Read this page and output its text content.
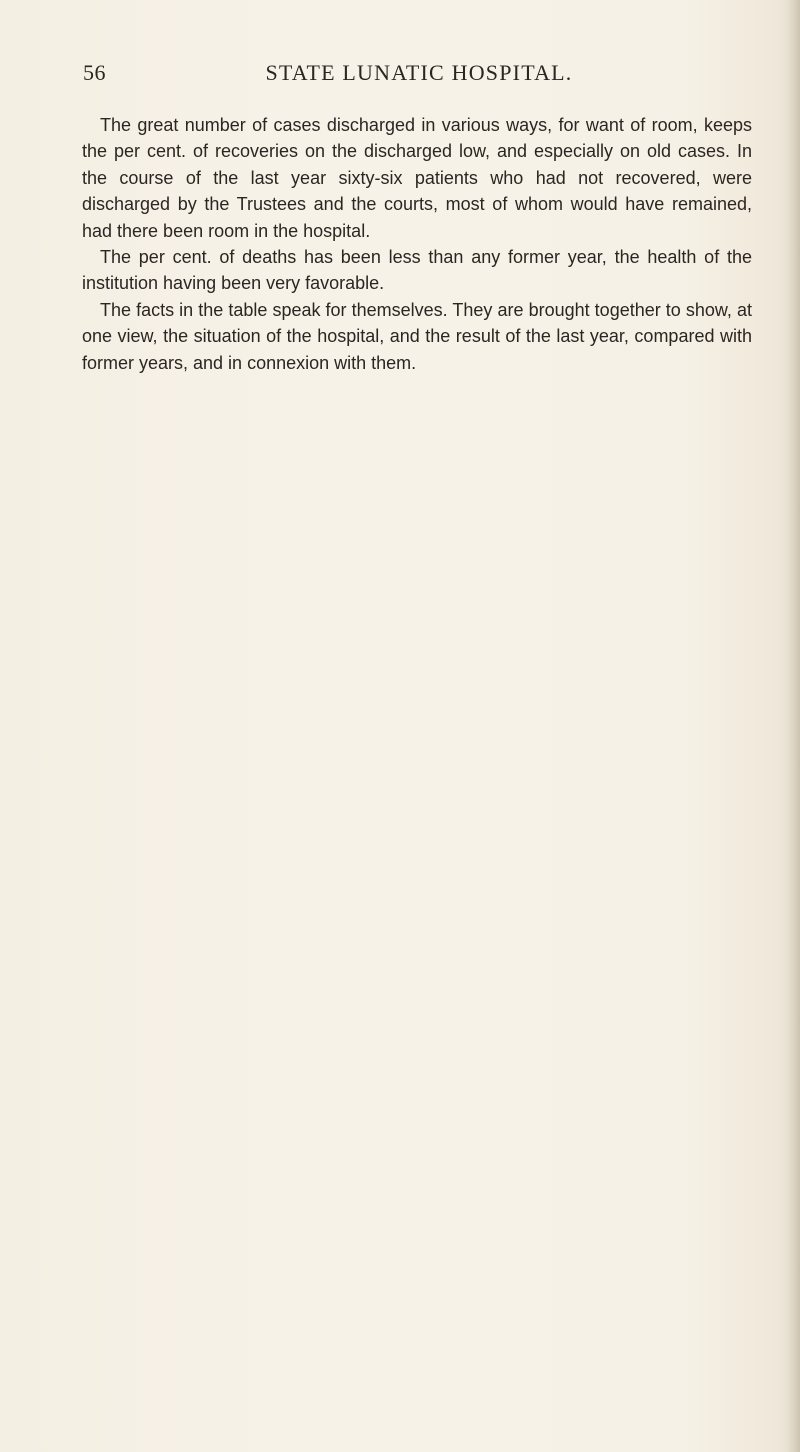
56	STATE LUNATIC HOSPITAL.

The great number of cases discharged in various ways, for want of room, keeps the per cent. of recoveries on the discharged low, and especially on old cases. In the course of the last year sixty-six patients who had not recovered, were discharged by the Trustees and the courts, most of whom would have remained, had there been room in the hospital.

The per cent. of deaths has been less than any former year, the health of the institution having been very favorable.

The facts in the table speak for themselves. They are brought together to show, at one view, the situation of the hospital, and the result of the last year, compared with former years, and in connexion with them.
